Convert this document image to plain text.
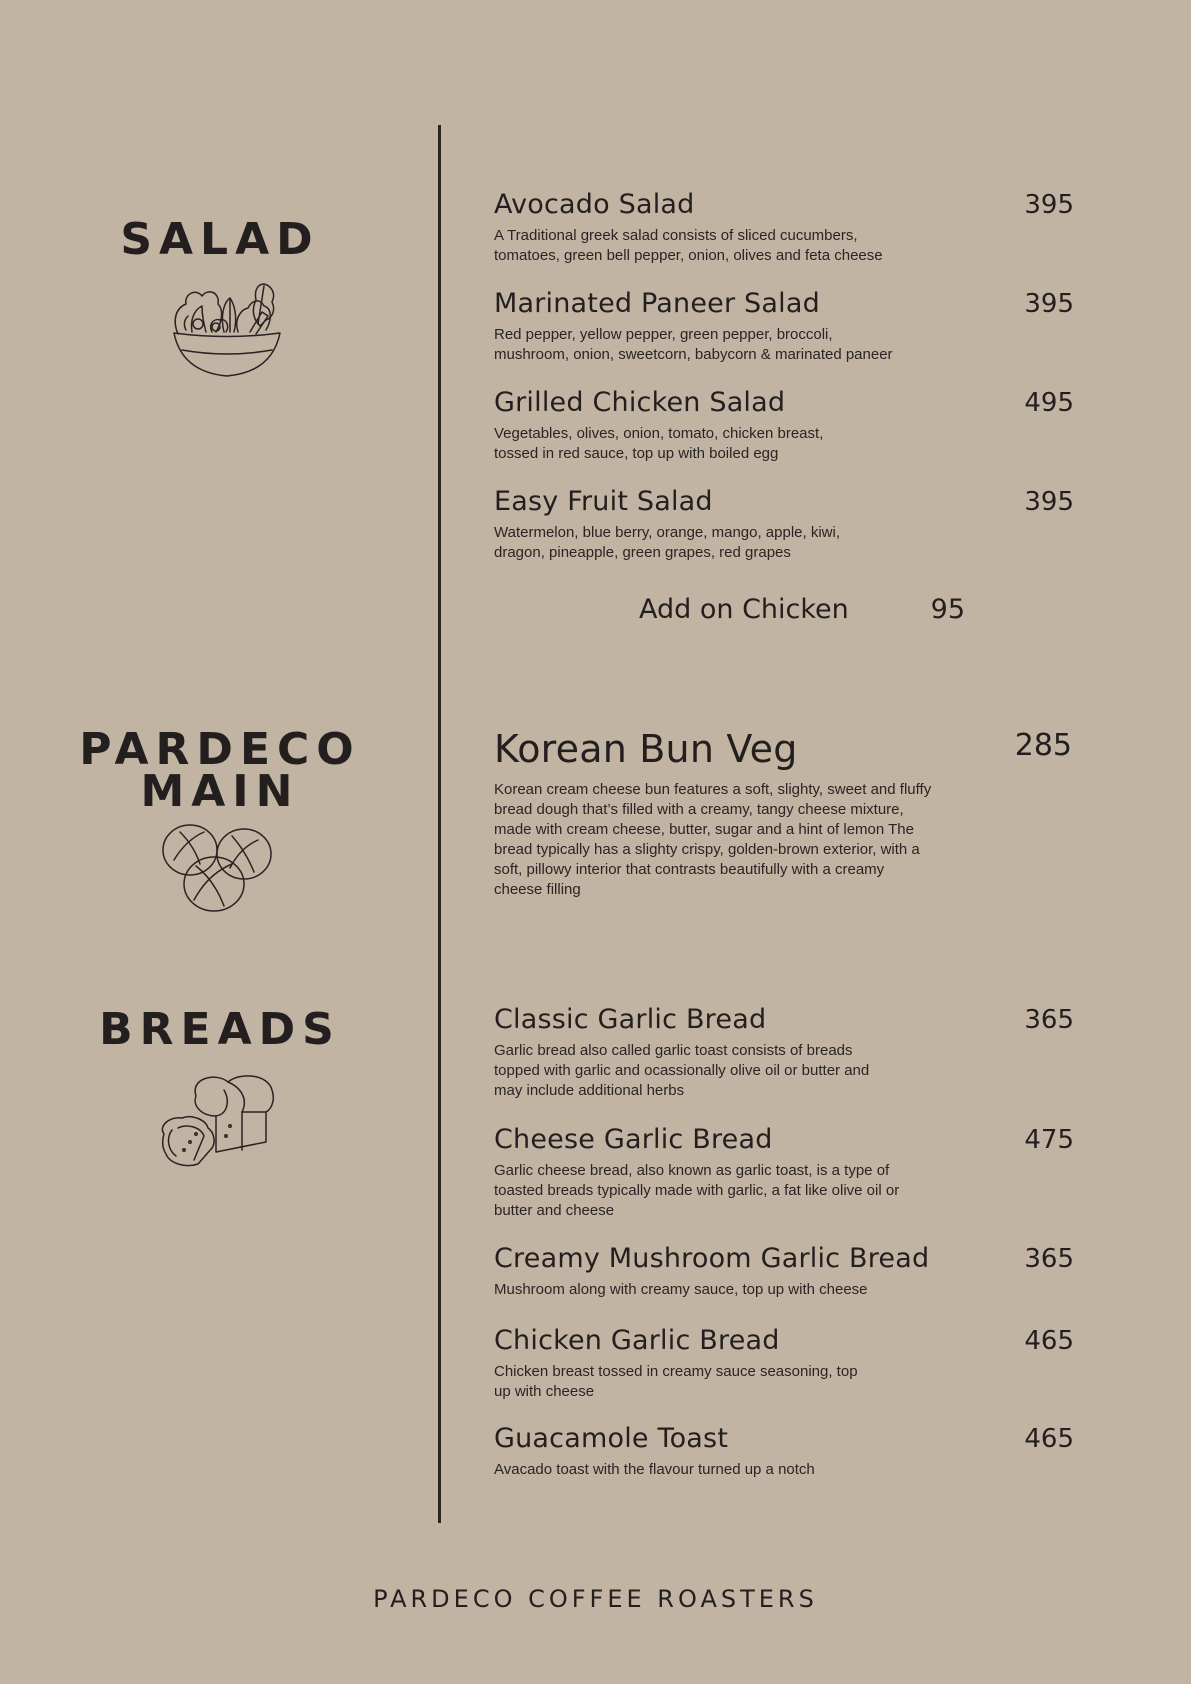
SALAD
Avocado Salad	395
A Traditional greek salad consists of sliced cucumbers,
tomatoes, green bell pepper, onion, olives and feta cheese
Marinated Paneer Salad	395
Red pepper, yellow pepper, green pepper, broccoli,
mushroom, onion, sweetcorn, babycorn & marinated paneer
Grilled Chicken Salad	495
Vegetables, olives, onion, tomato, chicken breast,
tossed in red sauce, top up with boiled egg
Easy Fruit Salad	395
Watermelon, blue berry, orange, mango, apple, kiwi,
dragon, pineapple, green grapes, red grapes
Add on Chicken	95
PARDECO
MAIN
Korean Bun Veg	285
Korean cream cheese bun features a soft, slighty, sweet and fluffy
bread dough that’s filled with a creamy, tangy cheese mixture,
made with cream cheese, butter, sugar and a hint of lemon The
bread typically has a slighty crispy, golden-brown exterior, with a
soft, pillowy interior that contrasts beautifully with a creamy
cheese filling
BREADS	Classic Garlic Bread	365
Garlic bread also called garlic toast consists of breads
topped with garlic and ocassionally olive oil or butter and
may include additional herbs
Cheese Garlic Bread	475
Garlic cheese bread, also known as garlic toast, is a type of
toasted breads typically made with garlic, a fat like olive oil or
butter and cheese
Creamy Mushroom Garlic Bread	365
Mushroom along with creamy sauce, top up with cheese
Chicken Garlic Bread	465
Chicken breast tossed in creamy sauce seasoning, top
up with cheese
Guacamole Toast	465
Avacado toast with the flavour turned up a notch
PARDECO COFFEE ROASTERS
